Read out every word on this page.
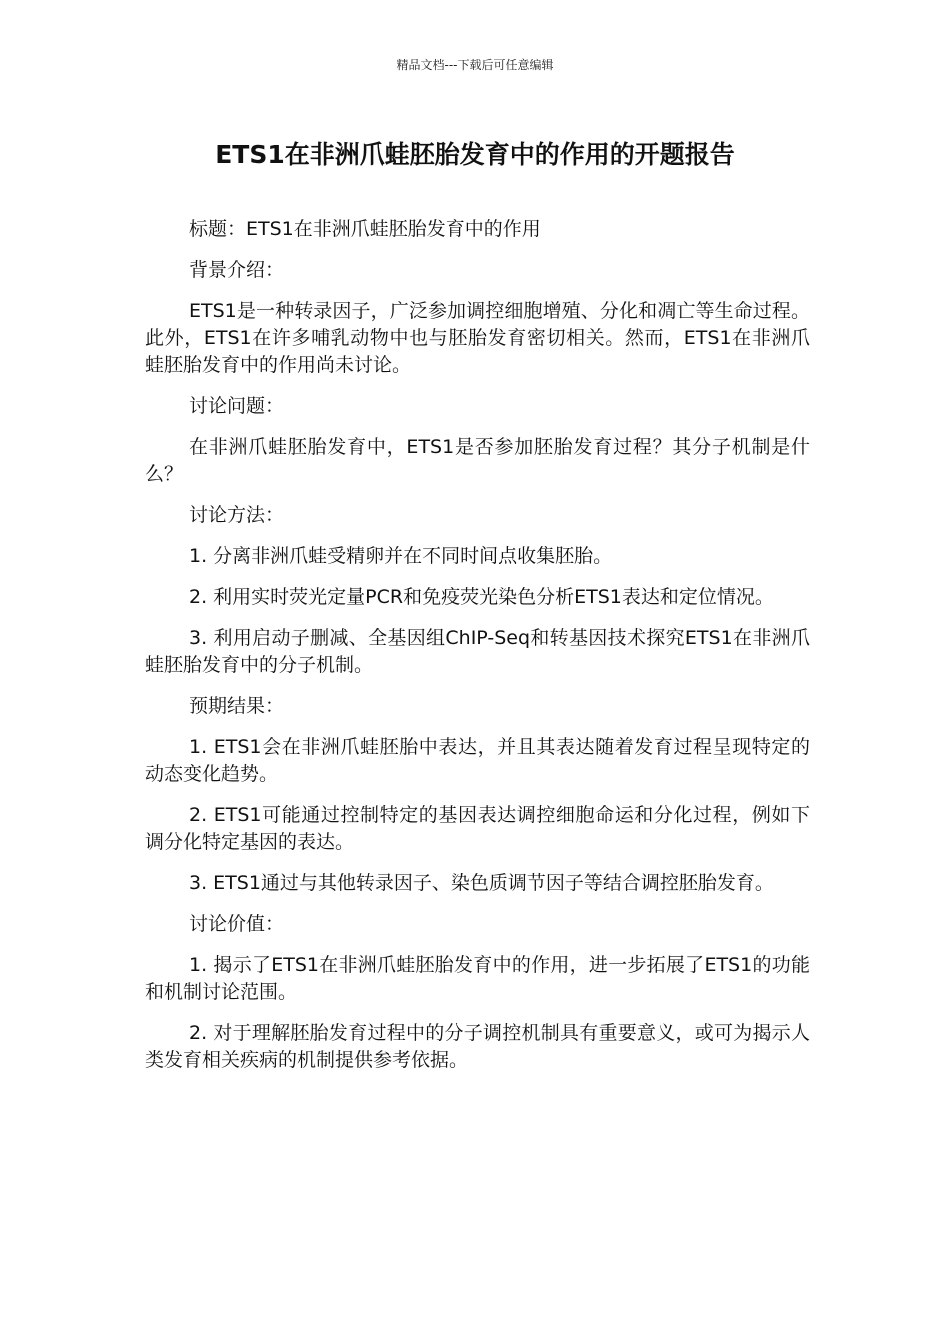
精品文档---下载后可任意编辑
ETS1在非洲爪蛙胚胎发育中的作用的开题报告

标题：ETS1在非洲爪蛙胚胎发育中的作用

背景介绍：

ETS1是一种转录因子，广泛参加调控细胞增殖、分化和凋亡等生命过程。此外，ETS1在许多哺乳动物中也与胚胎发育密切相关。然而，ETS1在非洲爪蛙胚胎发育中的作用尚未讨论。

讨论问题：

在非洲爪蛙胚胎发育中，ETS1是否参加胚胎发育过程？其分子机制是什么？

讨论方法：

1. 分离非洲爪蛙受精卵并在不同时间点收集胚胎。

2. 利用实时荧光定量PCR和免疫荧光染色分析ETS1表达和定位情况。

3. 利用启动子删减、全基因组ChIP-Seq和转基因技术探究ETS1在非洲爪蛙胚胎发育中的分子机制。

预期结果：

1. ETS1会在非洲爪蛙胚胎中表达，并且其表达随着发育过程呈现特定的动态变化趋势。

2. ETS1可能通过控制特定的基因表达调控细胞命运和分化过程，例如下调分化特定基因的表达。

3. ETS1通过与其他转录因子、染色质调节因子等结合调控胚胎发育。

讨论价值：

1. 揭示了ETS1在非洲爪蛙胚胎发育中的作用，进一步拓展了ETS1的功能和机制讨论范围。

2. 对于理解胚胎发育过程中的分子调控机制具有重要意义，或可为揭示人类发育相关疾病的机制提供参考依据。
